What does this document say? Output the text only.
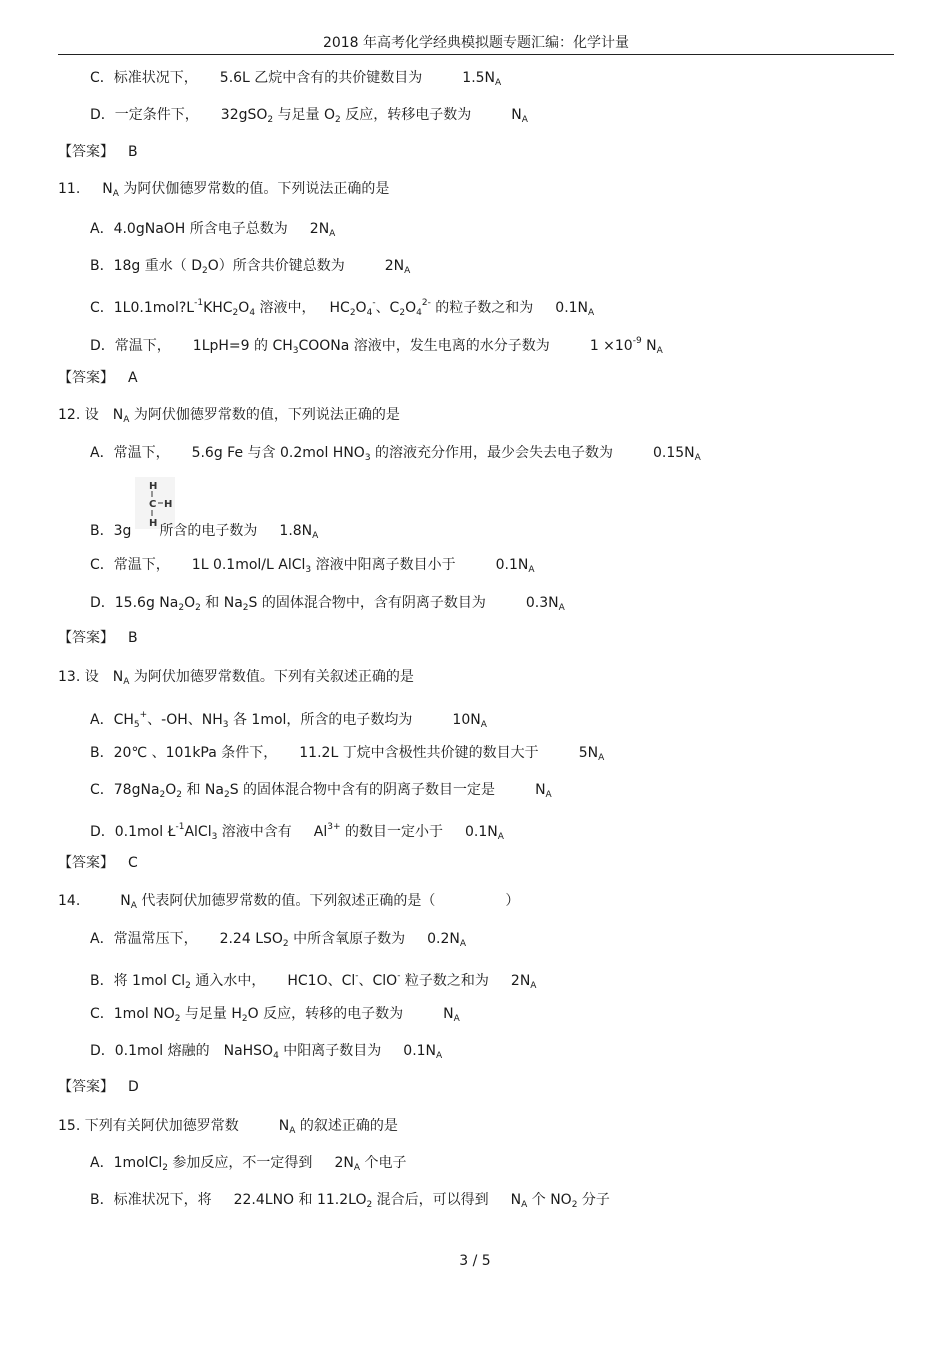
2018 年高考化学经典模拟题专题汇编：化学计量
C．标准状况下， 5.6L 乙烷中含有的共价键数目为	$1.5N_A$
D．一定条件下， 32gSO$_2$ 与足量 $O_2$ 反应，转移电子数为	$N_A$
【答案】 B
11. $N_A$ 为阿伏伽德罗常数的值。下列说法正确的是
A．4.0gNaOH 所含电子总数为 $2N_A$
B．18g 重水（ $D_2O$）所含共价键总数为	$2N_A$
C．$1L0.1mol?L^{-1}KHC_2O_4$ 溶液中， $HC_2O_4^-$、$C_2O_4^{2-}$ 的粒子数之和为 $0.1N_A$
D．常温下， 1LpH=9 的 $CH_3COONa$ 溶液中，发生电离的水分子数为	$1 \times 10^{-9}$ $N_A$
【答案】 A
12. 设 $N_A$ 为阿伏伽德罗常数的值，下列说法正确的是
A．常温下， 5.6g Fe 与含 0.2mol $HNO_3$ 的溶液充分作用，最少会失去电子数为	$0.15N_A$
H
C H
H
B．3g 所含的电子数为 $1.8N_A$
C．常温下， 1L 0.1mol/L AlCl$_3$ 溶液中阳离子数目小于	$0.1N_A$
D．15.6g $Na_2O_2$ 和 $Na_2S$ 的固体混合物中，含有阴离子数目为	$0.3N_A$
【答案】 B
13. 设 $N_A$ 为阿伏加德罗常数值。下列有关叙述正确的是
A．$CH_5^+$、-OH、$NH_3$ 各 1mol，所含的电子数均为	$10N_A$
B．20℃ 、101kPa 条件下， 11.2L 丁烷中含极性共价键的数目大于	$5N_A$
C．$78gNa_2O_2$ 和 $Na_2S$ 的固体混合物中含有的阴离子数目一定是	$N_A$
D．0.1mol $Ł^{-1}AlCl_3$ 溶液中含有 $Al^{3+}$ 的数目一定小于 $0.1N_A$
【答案】 C
14.	$N_A$ 代表阿伏加德罗常数的值。下列叙述正确的是（	）
A．常温常压下， 2.24 $LSO_2$ 中所含氧原子数为 $0.2N_A$
B．将 1mol $Cl_2$ 通入水中， HC1O、Cl-、ClO- 粒子数之和为 $2N_A$
C．1mol $NO_2$ 与足量 $H_2O$ 反应，转移的电子数为	$N_A$
D．0.1mol 熔融的 NaHSO$_4$ 中阳离子数目为 $0.1N_A$
【答案】 D
15. 下列有关阿伏加德罗常数	$N_A$ 的叙述正确的是
A．1molCl$_2$ 参加反应，不一定得到 $2N_A$ 个电子
B．标准状况下，将 22.4LNO 和 $11.2LO_2$ 混合后，可以得到 $N_A$ 个 $NO_2$ 分子
3 / 5
